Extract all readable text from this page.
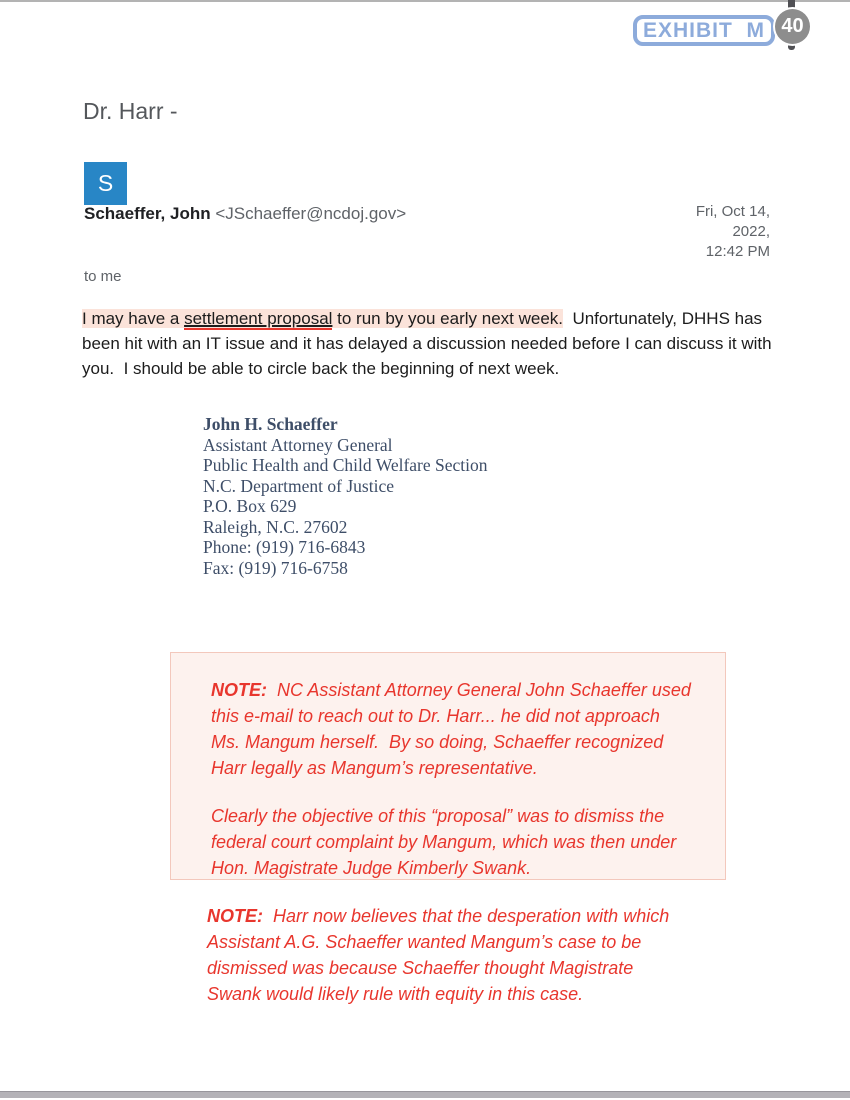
EXHIBIT  M 40
Dr. Harr -
S
Schaeffer, John <JSchaeffer@ncdoj.gov>	Fri, Oct 14,
2022,
12:42 PM
to me
I may have a settlement proposal to run by you early next week.  Unfortunately, DHHS has been hit with an IT issue and it has delayed a discussion needed before I can discuss it with you.  I should be able to circle back the beginning of next week.
John H. Schaeffer
Assistant Attorney General
Public Health and Child Welfare Section
N.C. Department of Justice
P.O. Box 629
Raleigh, N.C. 27602
Phone: (919) 716-6843
Fax: (919) 716-6758

NOTE:  NC Assistant Attorney General John Schaeffer used this e-mail to reach out to Dr. Harr... he did not approach Ms. Mangum herself.  By so doing, Schaeffer recognized Harr legally as Mangum’s representative.

Clearly the objective of this “proposal” was to dismiss the federal court complaint by Mangum, which was then under Hon. Magistrate Judge Kimberly Swank.

NOTE:  Harr now believes that the desperation with which Assistant A.G. Schaeffer wanted Mangum’s case to be dismissed was because Schaeffer thought Magistrate Swank would likely rule with equity in this case.
